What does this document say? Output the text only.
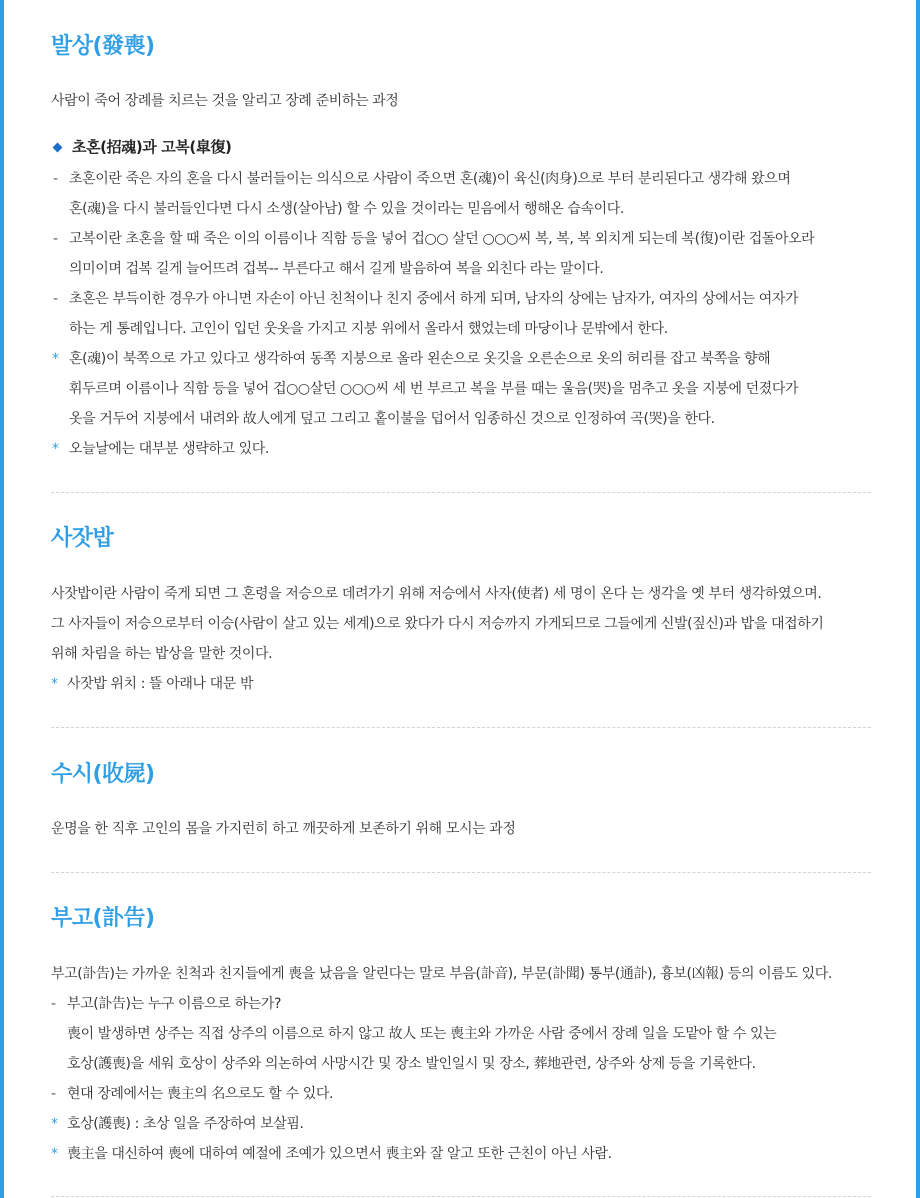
발상(發喪)

사람이 죽어 장례를 치르는 것을 알리고 장례 준비하는 과정

초혼(招魂)과 고복(皐復)
- 초혼이란 죽은 자의 혼을 다시 불러들이는 의식으로 사람이 죽으면 혼(魂)이 육신(肉身)으로 부터 분리된다고 생각해 왔으며
혼(魂)을 다시 불러들인다면 다시 소생(살아남) 할 수 있을 것이라는 믿음에서 행해온 습속이다.
- 고복이란 초혼을 할 때 죽은 이의 이름이나 직함 등을 넣어 겁○○ 살던 ○○○씨 복, 복, 복 외치게 되는데 복(復)이란 겁돌아오라
의미이며 겁복 길게 늘어뜨려 겁복-- 부른다고 해서 길게 발음하여 복을 외친다 라는 말이다.
- 초혼은 부득이한 경우가 아니면 자손이 아닌 친척이나 친지 중에서 하게 되며, 남자의 상에는 남자가, 여자의 상에서는 여자가
하는 게 통례입니다. 고인이 입던 웃옷을 가지고 지붕 위에서 올라서 했었는데 마당이나 문밖에서 한다.
* 혼(魂)이 북쪽으로 가고 있다고 생각하여 동쪽 지붕으로 올라 왼손으로 옷깃을 오른손으로 옷의 허리를 잡고 북쪽을 향해
휘두르며 이름이나 직함 등을 넣어 겁○○살던 ○○○씨 세 번 부르고 복을 부를 때는 울음(哭)을 멈추고 옷을 지붕에 던졌다가
옷을 거두어 지붕에서 내려와 故人에게 덮고 그리고 홑이불을 덥어서 임종하신 것으로 인정하여 곡(哭)을 한다.
* 오늘날에는 대부분 생략하고 있다.
사잣밥

사잣밥이란 사람이 죽게 되면 그 혼령을 저승으로 데려가기 위해 저승에서 사자(使者) 세 명이 온다 는 생각을 옛 부터 생각하였으며.

그 사자들이 저승으로부터 이승(사람이 살고 있는 세계)으로 왔다가 다시 저승까지 가게되므로 그들에게 신발(짚신)과 밥을 대접하기

위해 차림을 하는 밥상을 말한 것이다.

* 사잣밥 위치 : 뜰 아래나 대문 밖
수시(收屍)

운명을 한 직후 고인의 몸을 가지런히 하고 깨끗하게 보존하기 위해 모시는 과정

부고(訃告)

부고(訃告)는 가까운 친척과 친지들에게 喪을 났음을 알린다는 말로 부음(訃音), 부문(訃聞) 통부(通訃), 흉보(凶報) 등의 이름도 있다.

- 부고(訃告)는 누구 이름으로 하는가?
喪이 발생하면 상주는 직접 상주의 이름으로 하지 않고 故人 또는 喪主와 가까운 사람 중에서 장례 일을 도맡아 할 수 있는
호상(護喪)을 세워 호상이 상주와 의논하여 사망시간 및 장소 발인일시 및 장소, 葬地관련, 상주와 상제 등을 기록한다.
- 현대 장례에서는 喪主의 名으로도 할 수 있다.
* 호상(護喪) : 초상 일을 주장하여 보살핌.
* 喪主을 대신하여 喪에 대하여 예절에 조예가 있으면서 喪主와 잘 알고 또한 근친이 아닌 사람.
